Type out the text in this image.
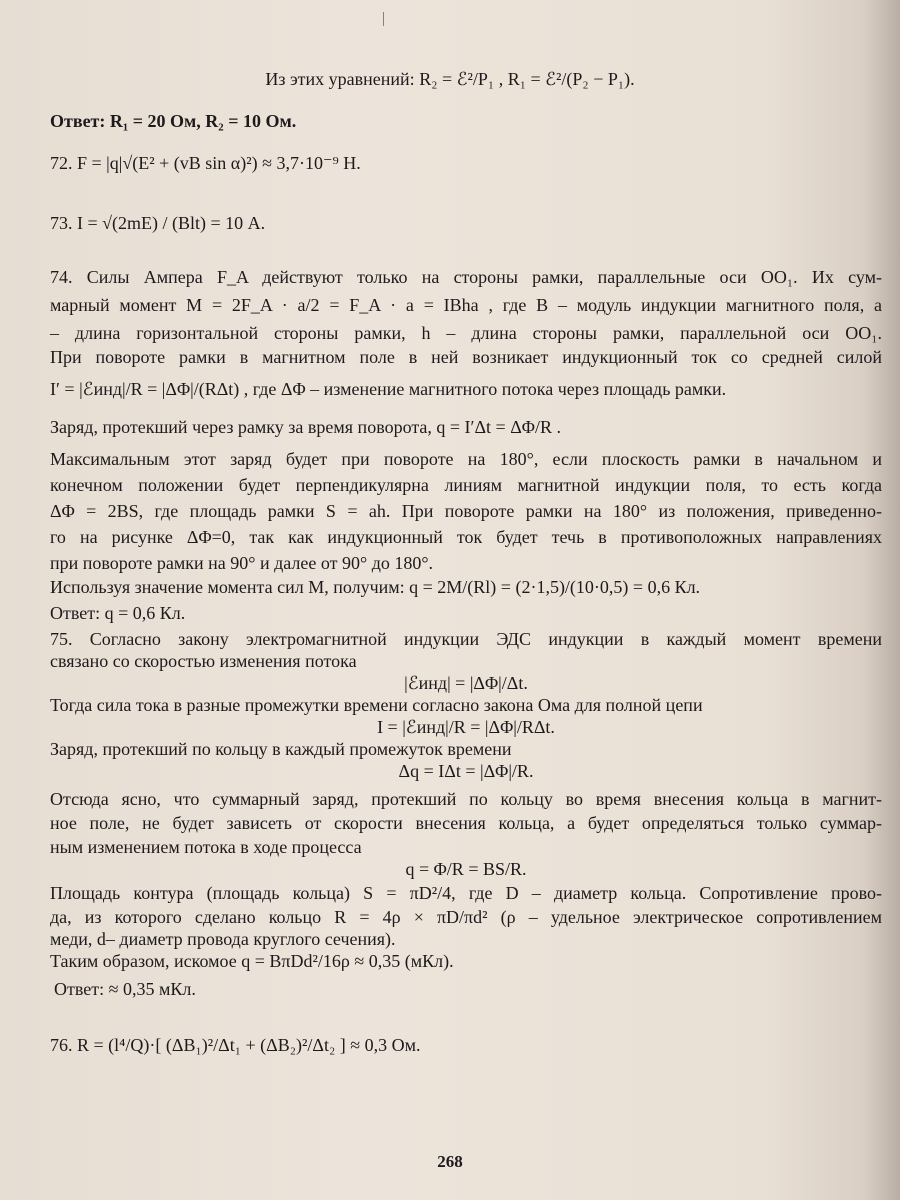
Из этих уравнений: R₂ = ℰ²/P₁ , R₁ = ℰ²/(P₂ − P₁).
Ответ: R₁ = 20 Ом, R₂ = 10 Ом.
72. F = |q|√(E² + (vB sin α)²) ≈ 3,7·10⁻⁹ Н.
73. I = √(2mE) / (Blt) = 10 А.
74. Силы Ампера F_A действуют только на стороны рамки, параллельные оси OO₁. Их сум-
марный момент M = 2F_A · a/2 = F_A · a = IBha , где B – модуль индукции магнитного поля, a
– длина горизонтальной стороны рамки, h – длина стороны рамки, параллельной оси OO₁.
При повороте рамки в магнитном поле в ней возникает индукционный ток со средней силой
I′ = |ℰинд|/R = |ΔΦ|/(RΔt) , где ΔΦ – изменение магнитного потока через площадь рамки.
Заряд, протекший через рамку за время поворота, q = I′Δt = ΔΦ/R .
Максимальным этот заряд будет при повороте на 180°, если плоскость рамки в начальном и
конечном положении будет перпендикулярна линиям магнитной индукции поля, то есть когда
ΔΦ = 2BS, где площадь рамки S = ah. При повороте рамки на 180° из положения, приведенно-
го на рисунке ΔΦ=0, так как индукционный ток будет течь в противоположных направлениях
при повороте рамки на 90° и далее от 90° до 180°.
Используя значение момента сил M, получим: q = 2M/(Rl) = (2·1,5)/(10·0,5) = 0,6 Кл.
Ответ: q = 0,6 Кл.
75. Согласно закону электромагнитной индукции ЭДС индукции в каждый момент времени
связано со скоростью изменения потока
|ℰинд| = |ΔΦ|/Δt.
Тогда сила тока в разные промежутки времени согласно закона Ома для полной цепи
I = |ℰинд|/R = |ΔΦ|/RΔt.
Заряд, протекший по кольцу в каждый промежуток времени
Δq = IΔt = |ΔΦ|/R.
Отсюда ясно, что суммарный заряд, протекший по кольцу во время внесения кольца в магнит-
ное поле, не будет зависеть от скорости внесения кольца, а будет определяться только суммар-
ным изменением потока в ходе процесса
q = Φ/R = BS/R.
Площадь контура (площадь кольца) S = πD²/4, где D – диаметр кольца. Сопротивление прово-
да, из которого сделано кольцо R = 4ρ × πD/πd² (ρ – удельное электрическое сопротивлением
меди, d– диаметр провода круглого сечения).
Таким образом, искомое q = BπDd²/16ρ ≈ 0,35 (мКл).
Ответ: ≈ 0,35 мКл.
76. R = (l⁴/Q)·[ (ΔB₁)²/Δt₁ + (ΔB₂)²/Δt₂ ] ≈ 0,3 Ом.
268
